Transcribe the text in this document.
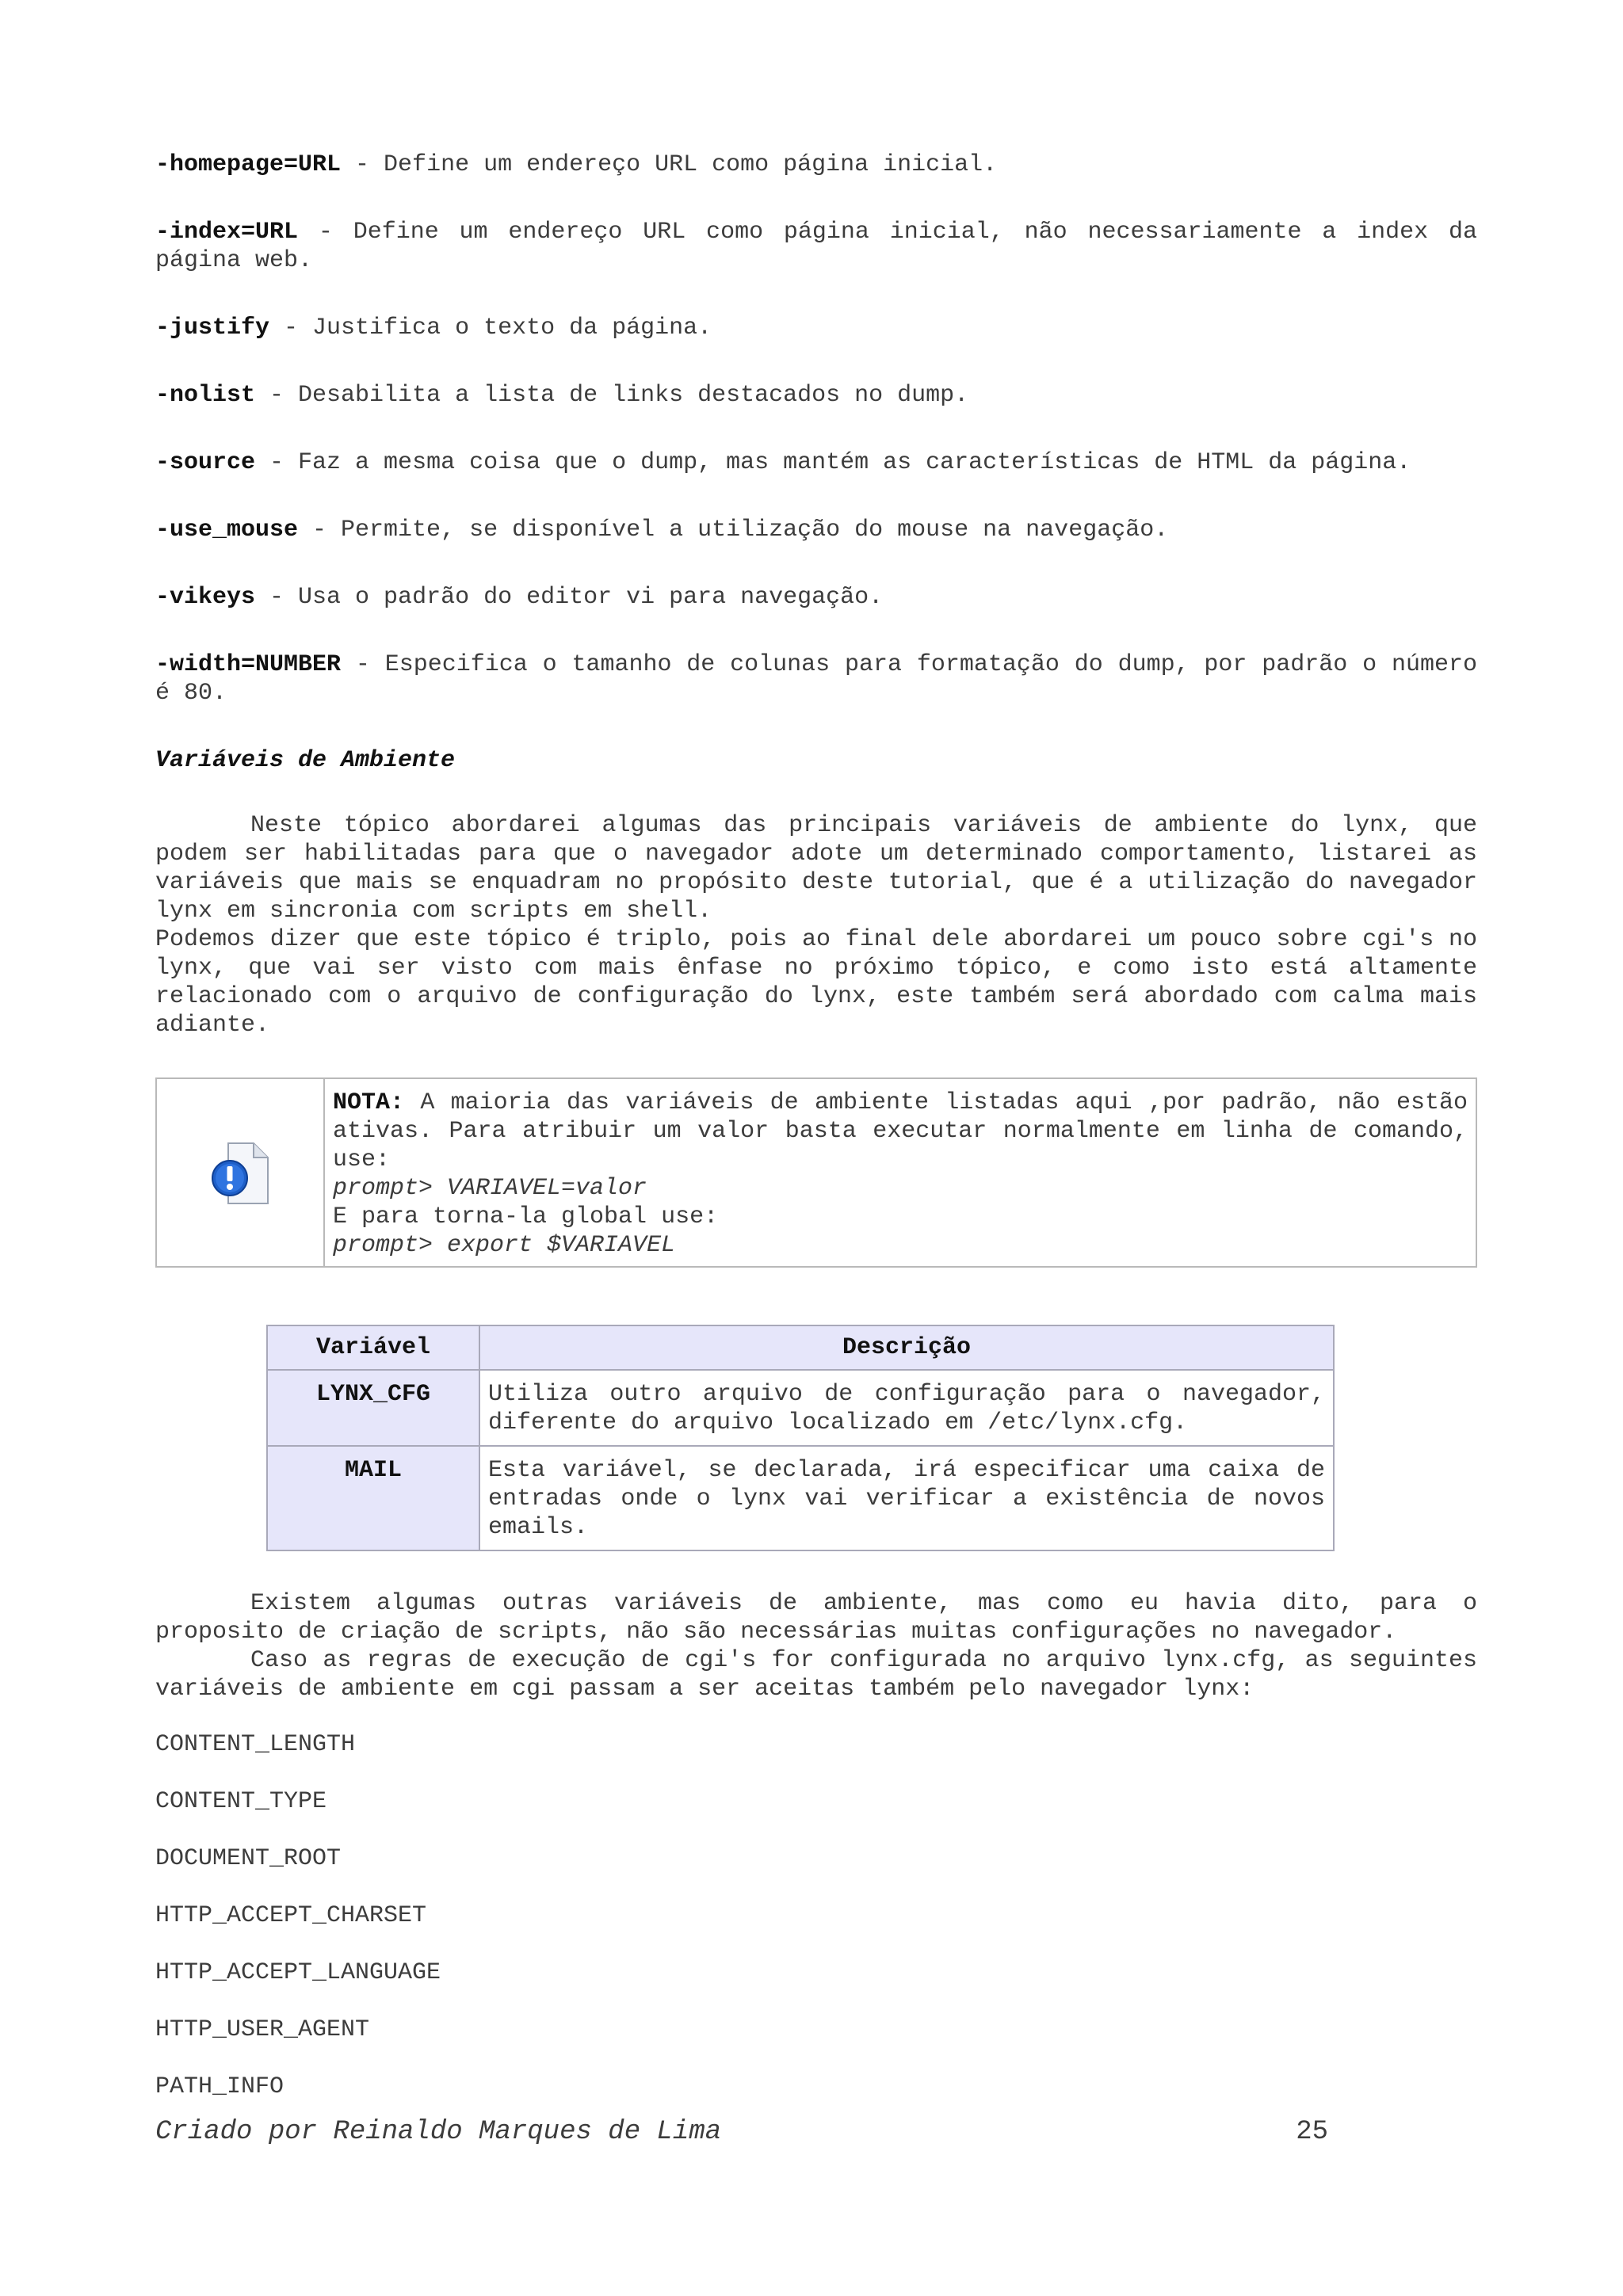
-homepage=URL - Define um endereço URL como página inicial.

-index=URL - Define um endereço URL como página inicial, não necessariamente a index da página web.

-justify - Justifica o texto da página.

-nolist - Desabilita a lista de links destacados no dump.

-source - Faz a mesma coisa que o dump, mas mantém as características de HTML da página.

-use_mouse - Permite, se disponível a utilização do mouse na navegação.

-vikeys - Usa o padrão do editor vi para navegação.

-width=NUMBER - Especifica o tamanho de colunas para formatação do dump, por padrão o número é 80.

Variáveis de Ambiente

Neste tópico abordarei algumas das principais variáveis de ambiente do lynx, que podem ser habilitadas para que o navegador adote um determinado comportamento, listarei as variáveis que mais se enquadram no propósito deste tutorial, que é a utilização do navegador lynx em sincronia com scripts em shell.

Podemos dizer que este tópico é triplo, pois ao final dele abordarei um pouco sobre cgi's no lynx, que vai ser visto com mais ênfase no próximo tópico, e como isto está altamente relacionado com o arquivo de configuração do lynx, este também será abordado com calma mais adiante.

NOTA: A maioria das variáveis de ambiente listadas aqui ,por padrão, não estão ativas. Para atribuir um valor basta executar normalmente em linha de comando, use:
prompt> VARIAVEL=valor
E para torna-la global use:
prompt> export $VARIAVEL
Variável	Descrição
LYNX_CFG	Utiliza outro arquivo de configuração para o navegador, diferente do arquivo localizado em /etc/lynx.cfg.
MAIL	Esta variável, se declarada, irá especificar uma caixa de entradas onde o lynx vai verificar a existência de novos emails.

Existem algumas outras variáveis de ambiente, mas como eu havia dito, para o proposito de criação de scripts, não são necessárias muitas configurações no navegador.

Caso as regras de execução de cgi's for configurada no arquivo lynx.cfg, as seguintes variáveis de ambiente em cgi passam a ser aceitas também pelo navegador lynx:

CONTENT_LENGTH

CONTENT_TYPE

DOCUMENT_ROOT

HTTP_ACCEPT_CHARSET

HTTP_ACCEPT_LANGUAGE

HTTP_USER_AGENT

PATH_INFO

Criado por Reinaldo Marques de Lima	25
